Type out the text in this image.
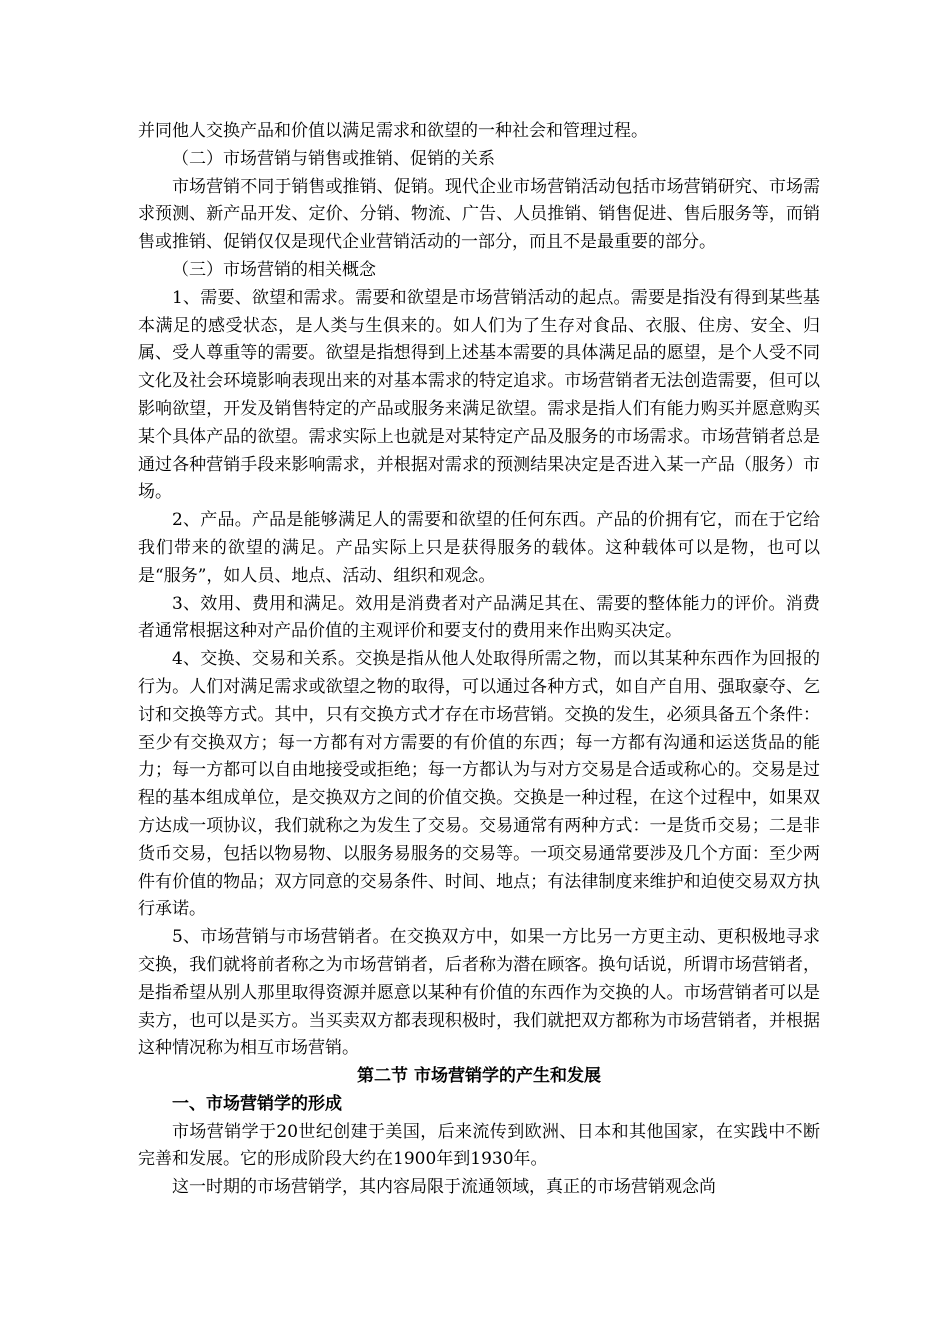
并同他人交换产品和价值以满足需求和欲望的一种社会和管理过程。

（二）市场营销与销售或推销、促销的关系

市场营销不同于销售或推销、促销。现代企业市场营销活动包括市场营销研究、市场需求预测、新产品开发、定价、分销、物流、广告、人员推销、销售促进、售后服务等，而销售或推销、促销仅仅是现代企业营销活动的一部分，而且不是最重要的部分。

（三）市场营销的相关概念

1、需要、欲望和需求。需要和欲望是市场营销活动的起点。需要是指没有得到某些基本满足的感受状态，是人类与生俱来的。如人们为了生存对食品、衣服、住房、安全、归属、受人尊重等的需要。欲望是指想得到上述基本需要的具体满足品的愿望，是个人受不同文化及社会环境影响表现出来的对基本需求的特定追求。市场营销者无法创造需要，但可以影响欲望，开发及销售特定的产品或服务来满足欲望。需求是指人们有能力购买并愿意购买某个具体产品的欲望。需求实际上也就是对某特定产品及服务的市场需求。市场营销者总是通过各种营销手段来影响需求，并根据对需求的预测结果决定是否进入某一产品（服务）市场。

2、产品。产品是能够满足人的需要和欲望的任何东西。产品的价拥有它，而在于它给我们带来的欲望的满足。产品实际上只是获得服务的载体。这种载体可以是物，也可以是“服务”，如人员、地点、活动、组织和观念。

3、效用、费用和满足。效用是消费者对产品满足其在、需要的整体能力的评价。消费者通常根据这种对产品价值的主观评价和要支付的费用来作出购买决定。

4、交换、交易和关系。交换是指从他人处取得所需之物，而以其某种东西作为回报的行为。人们对满足需求或欲望之物的取得，可以通过各种方式，如自产自用、强取豪夺、乞讨和交换等方式。其中，只有交换方式才存在市场营销。交换的发生，必须具备五个条件：至少有交换双方；每一方都有对方需要的有价值的东西；每一方都有沟通和运送货品的能力；每一方都可以自由地接受或拒绝；每一方都认为与对方交易是合适或称心的。交易是过程的基本组成单位，是交换双方之间的价值交换。交换是一种过程，在这个过程中，如果双方达成一项协议，我们就称之为发生了交易。交易通常有两种方式：一是货币交易；二是非货币交易，包括以物易物、以服务易服务的交易等。一项交易通常要涉及几个方面：至少两件有价值的物品；双方同意的交易条件、时间、地点；有法律制度来维护和迫使交易双方执行承诺。

5、市场营销与市场营销者。在交换双方中，如果一方比另一方更主动、更积极地寻求交换，我们就将前者称之为市场营销者，后者称为潜在顾客。换句话说，所谓市场营销者，是指希望从别人那里取得资源并愿意以某种有价值的东西作为交换的人。市场营销者可以是卖方，也可以是买方。当买卖双方都表现积极时，我们就把双方都称为市场营销者，并根据这种情况称为相互市场营销。

第二节 市场营销学的产生和发展

一、市场营销学的形成

市场营销学于20世纪创建于美国，后来流传到欧洲、日本和其他国家，在实践中不断完善和发展。它的形成阶段大约在1900年到1930年。

这一时期的市场营销学，其内容局限于流通领域，真正的市场营销观念尚
